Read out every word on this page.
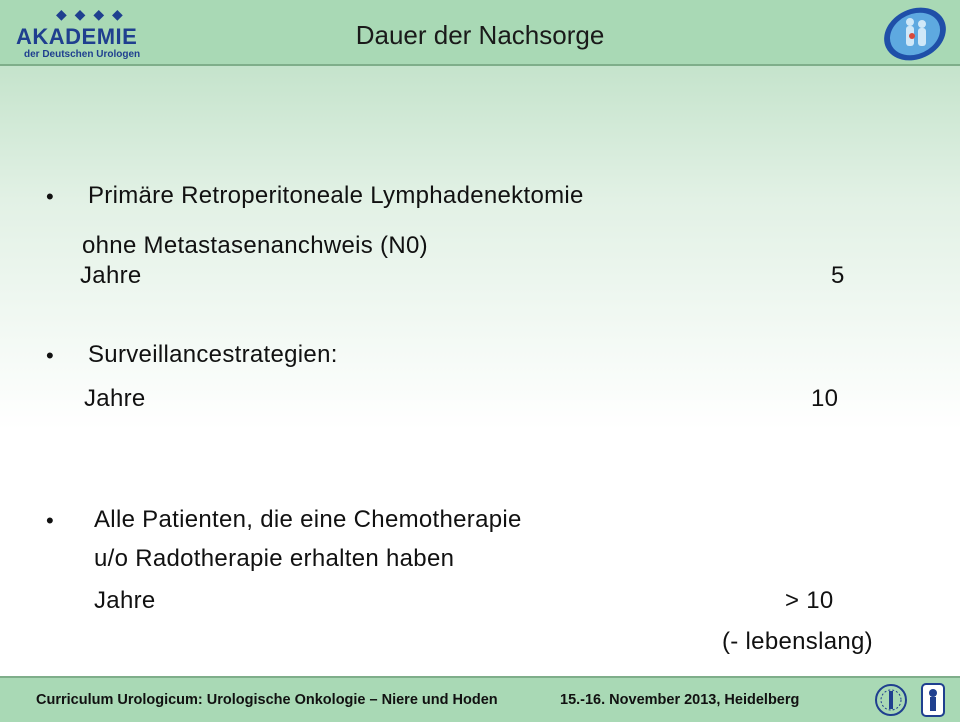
◆ ◆ ◆ ◆
AKADEMIE
der Deutschen Urologen
Dauer der Nachsorge
• Primäre Retroperitoneale Lymphadenektomie
ohne Metastasenanchweis (N0)
Jahre	5
• Surveillancestrategien:
Jahre	10
• Alle Patienten, die eine Chemotherapie
u/o Radotherapie erhalten haben
Jahre	> 10
(- lebenslang)
Curriculum Urologicum: Urologische Onkologie – Niere und Hoden	15.-16. November 2013, Heidelberg
